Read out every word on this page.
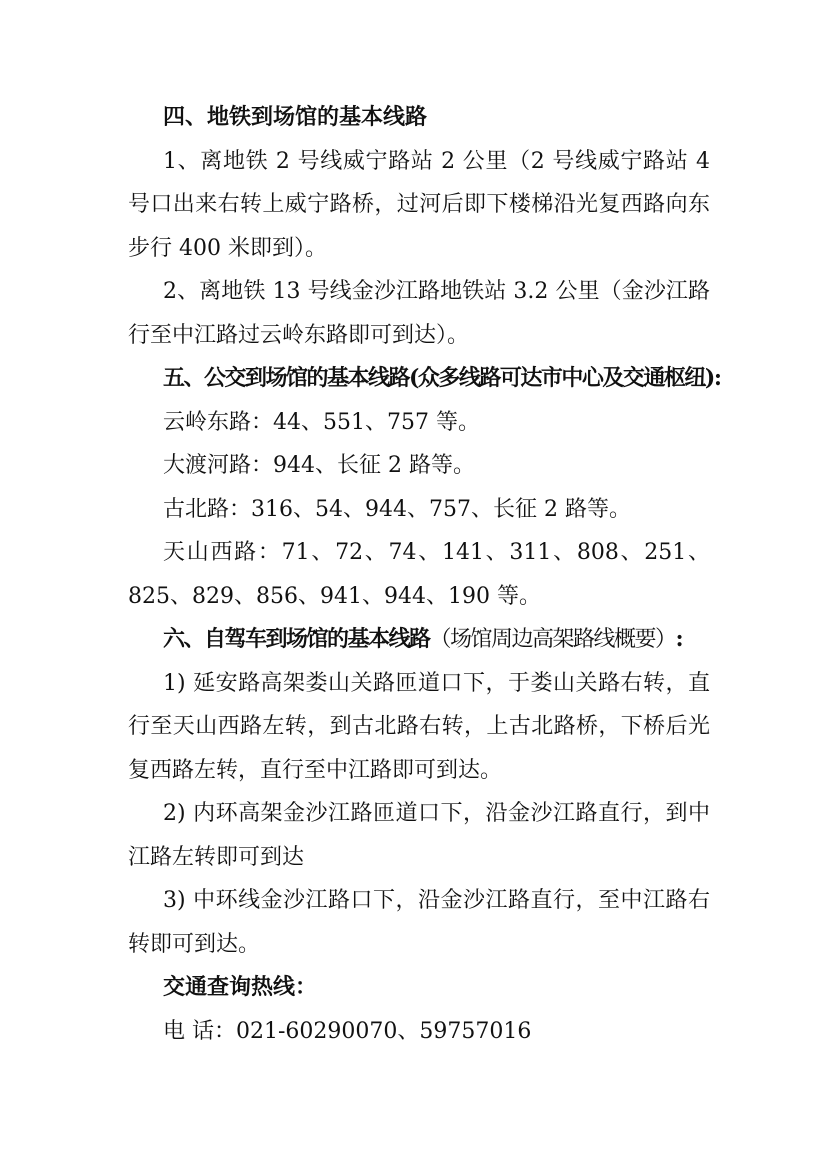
四、地铁到场馆的基本线路

1、离地铁 2 号线威宁路站 2 公里（2 号线威宁路站 4 号口出来右转上威宁路桥，过河后即下楼梯沿光复西路向东步行 400 米即到）。

2、离地铁 13 号线金沙江路地铁站 3.2 公里（金沙江路行至中江路过云岭东路即可到达）。

五、公交到场馆的基本线路(众多线路可达市中心及交通枢纽):

云岭东路：44、551、757 等。

大渡河路：944、长征 2 路等。

古北路：316、54、944、757、长征 2 路等。

天山西路：71、72、74、141、311、808、251、825、829、856、941、944、190 等。

六、自驾车到场馆的基本线路（场馆周边高架路线概要）:

1) 延安路高架娄山关路匝道口下，于娄山关路右转，直行至天山西路左转，到古北路右转，上古北路桥，下桥后光复西路左转，直行至中江路即可到达。

2) 内环高架金沙江路匝道口下，沿金沙江路直行，到中江路左转即可到达

3) 中环线金沙江路口下，沿金沙江路直行，至中江路右转即可到达。

交通查询热线：

电 话：021-60290070、59757016
